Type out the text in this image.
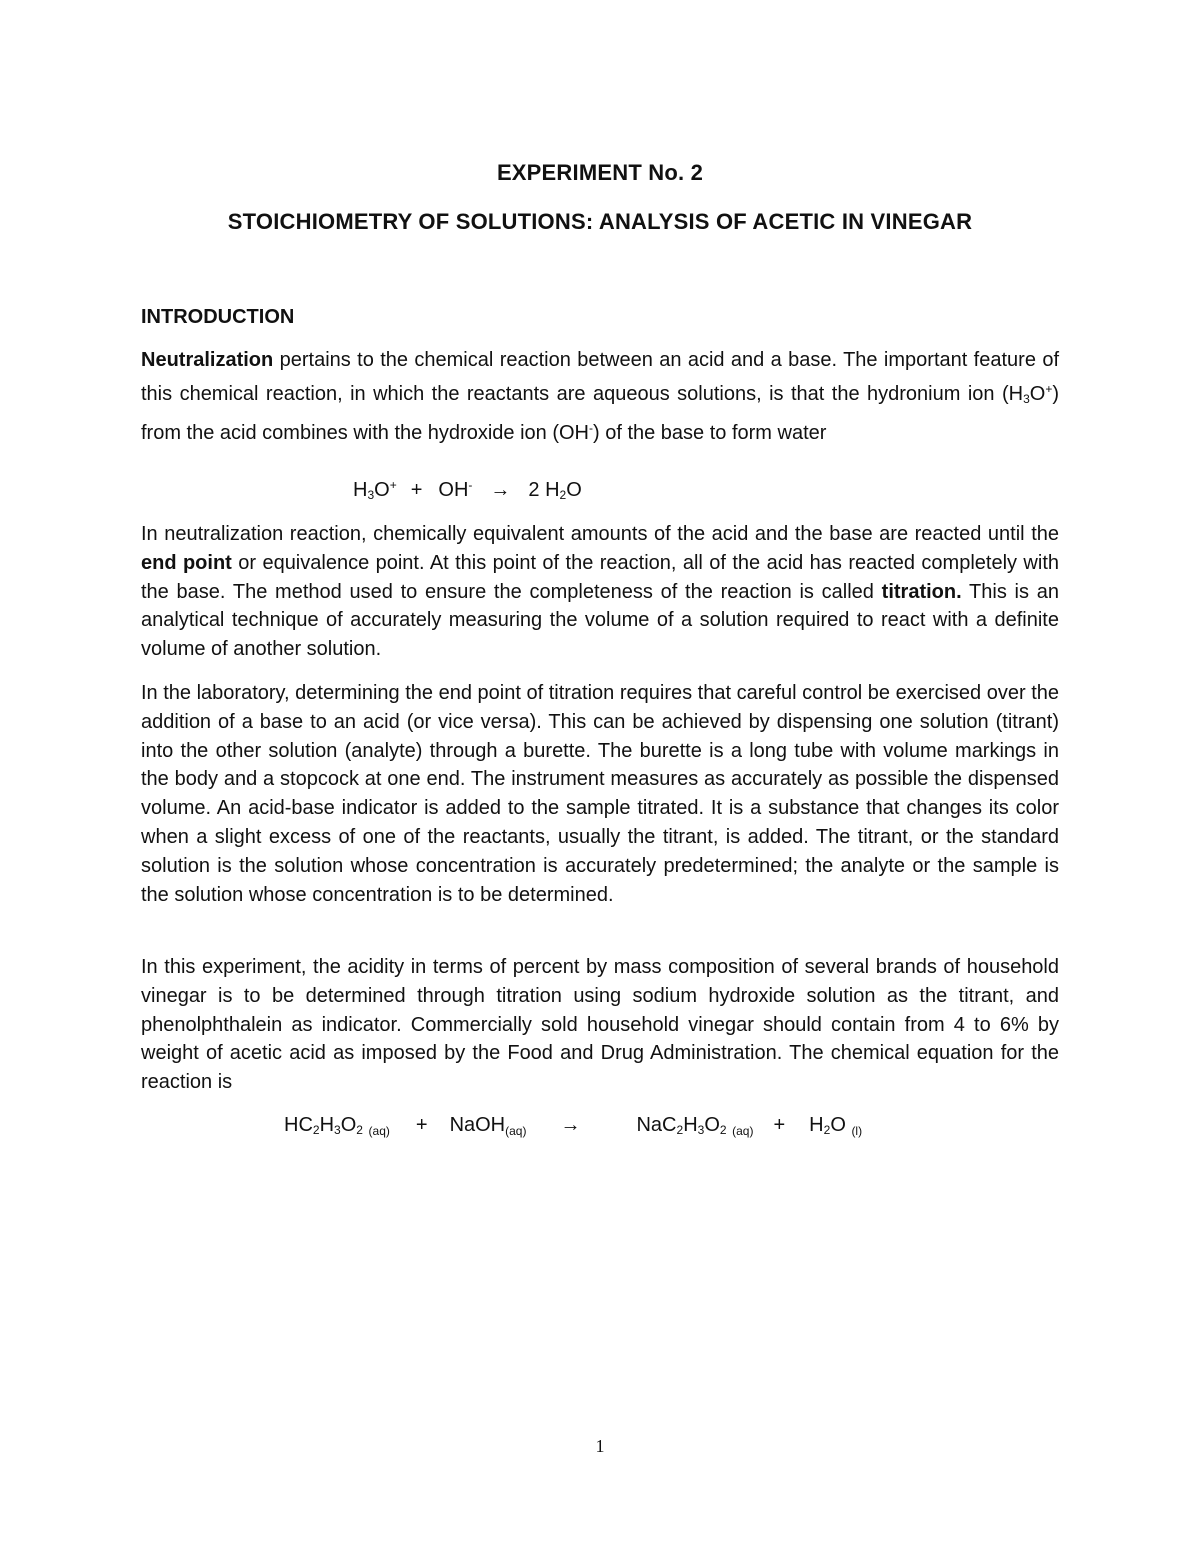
EXPERIMENT No. 2
STOICHIOMETRY OF SOLUTIONS: ANALYSIS OF ACETIC IN VINEGAR
INTRODUCTION
Neutralization pertains to the chemical reaction between an acid and a base. The important feature of this chemical reaction, in which the reactants are aqueous solutions, is that the hydronium ion $(H_3O^+)$ from the acid combines with the hydroxide ion (OH-) of the base to form water
$H_3O^+ + OH^- \to 2$ $H_2O$
In neutralization reaction, chemically equivalent amounts of the acid and the base are reacted until the end point or equivalence point. At this point of the reaction, all of the acid has reacted completely with the base. The method used to ensure the completeness of the reaction is called titration. This is an analytical technique of accurately measuring the volume of a solution required to react with a definite volume of another solution.
In the laboratory, determining the end point of titration requires that careful control be exercised over the addition of a base to an acid (or vice versa). This can be achieved by dispensing one solution (titrant) into the other solution (analyte) through a burette. The burette is a long tube with volume markings in the body and a stopcock at one end. The instrument measures as accurately as possible the dispensed volume. An acid-base indicator is added to the sample titrated. It is a substance that changes its color when a slight excess of one of the reactants, usually the titrant, is added. The titrant, or the standard solution is the solution whose concentration is accurately predetermined; the analyte or the sample is the solution whose concentration is to be determined.
In this experiment, the acidity in terms of percent by mass composition of several brands of household vinegar is to be determined through titration using sodium hydroxide solution as the titrant, and phenolphthalein as indicator. Commercially sold household vinegar should contain from 4 to 6% by weight of acetic acid as imposed by the Food and Drug Administration. The chemical equation for the reaction is
$HC_2H_3O_2$ $_{(aq)}$ + NaOH$_{(aq)}$ →	$NaC_2H_3O_2$ $_{(aq)} + H_2O$ $_{(l)}$
1
